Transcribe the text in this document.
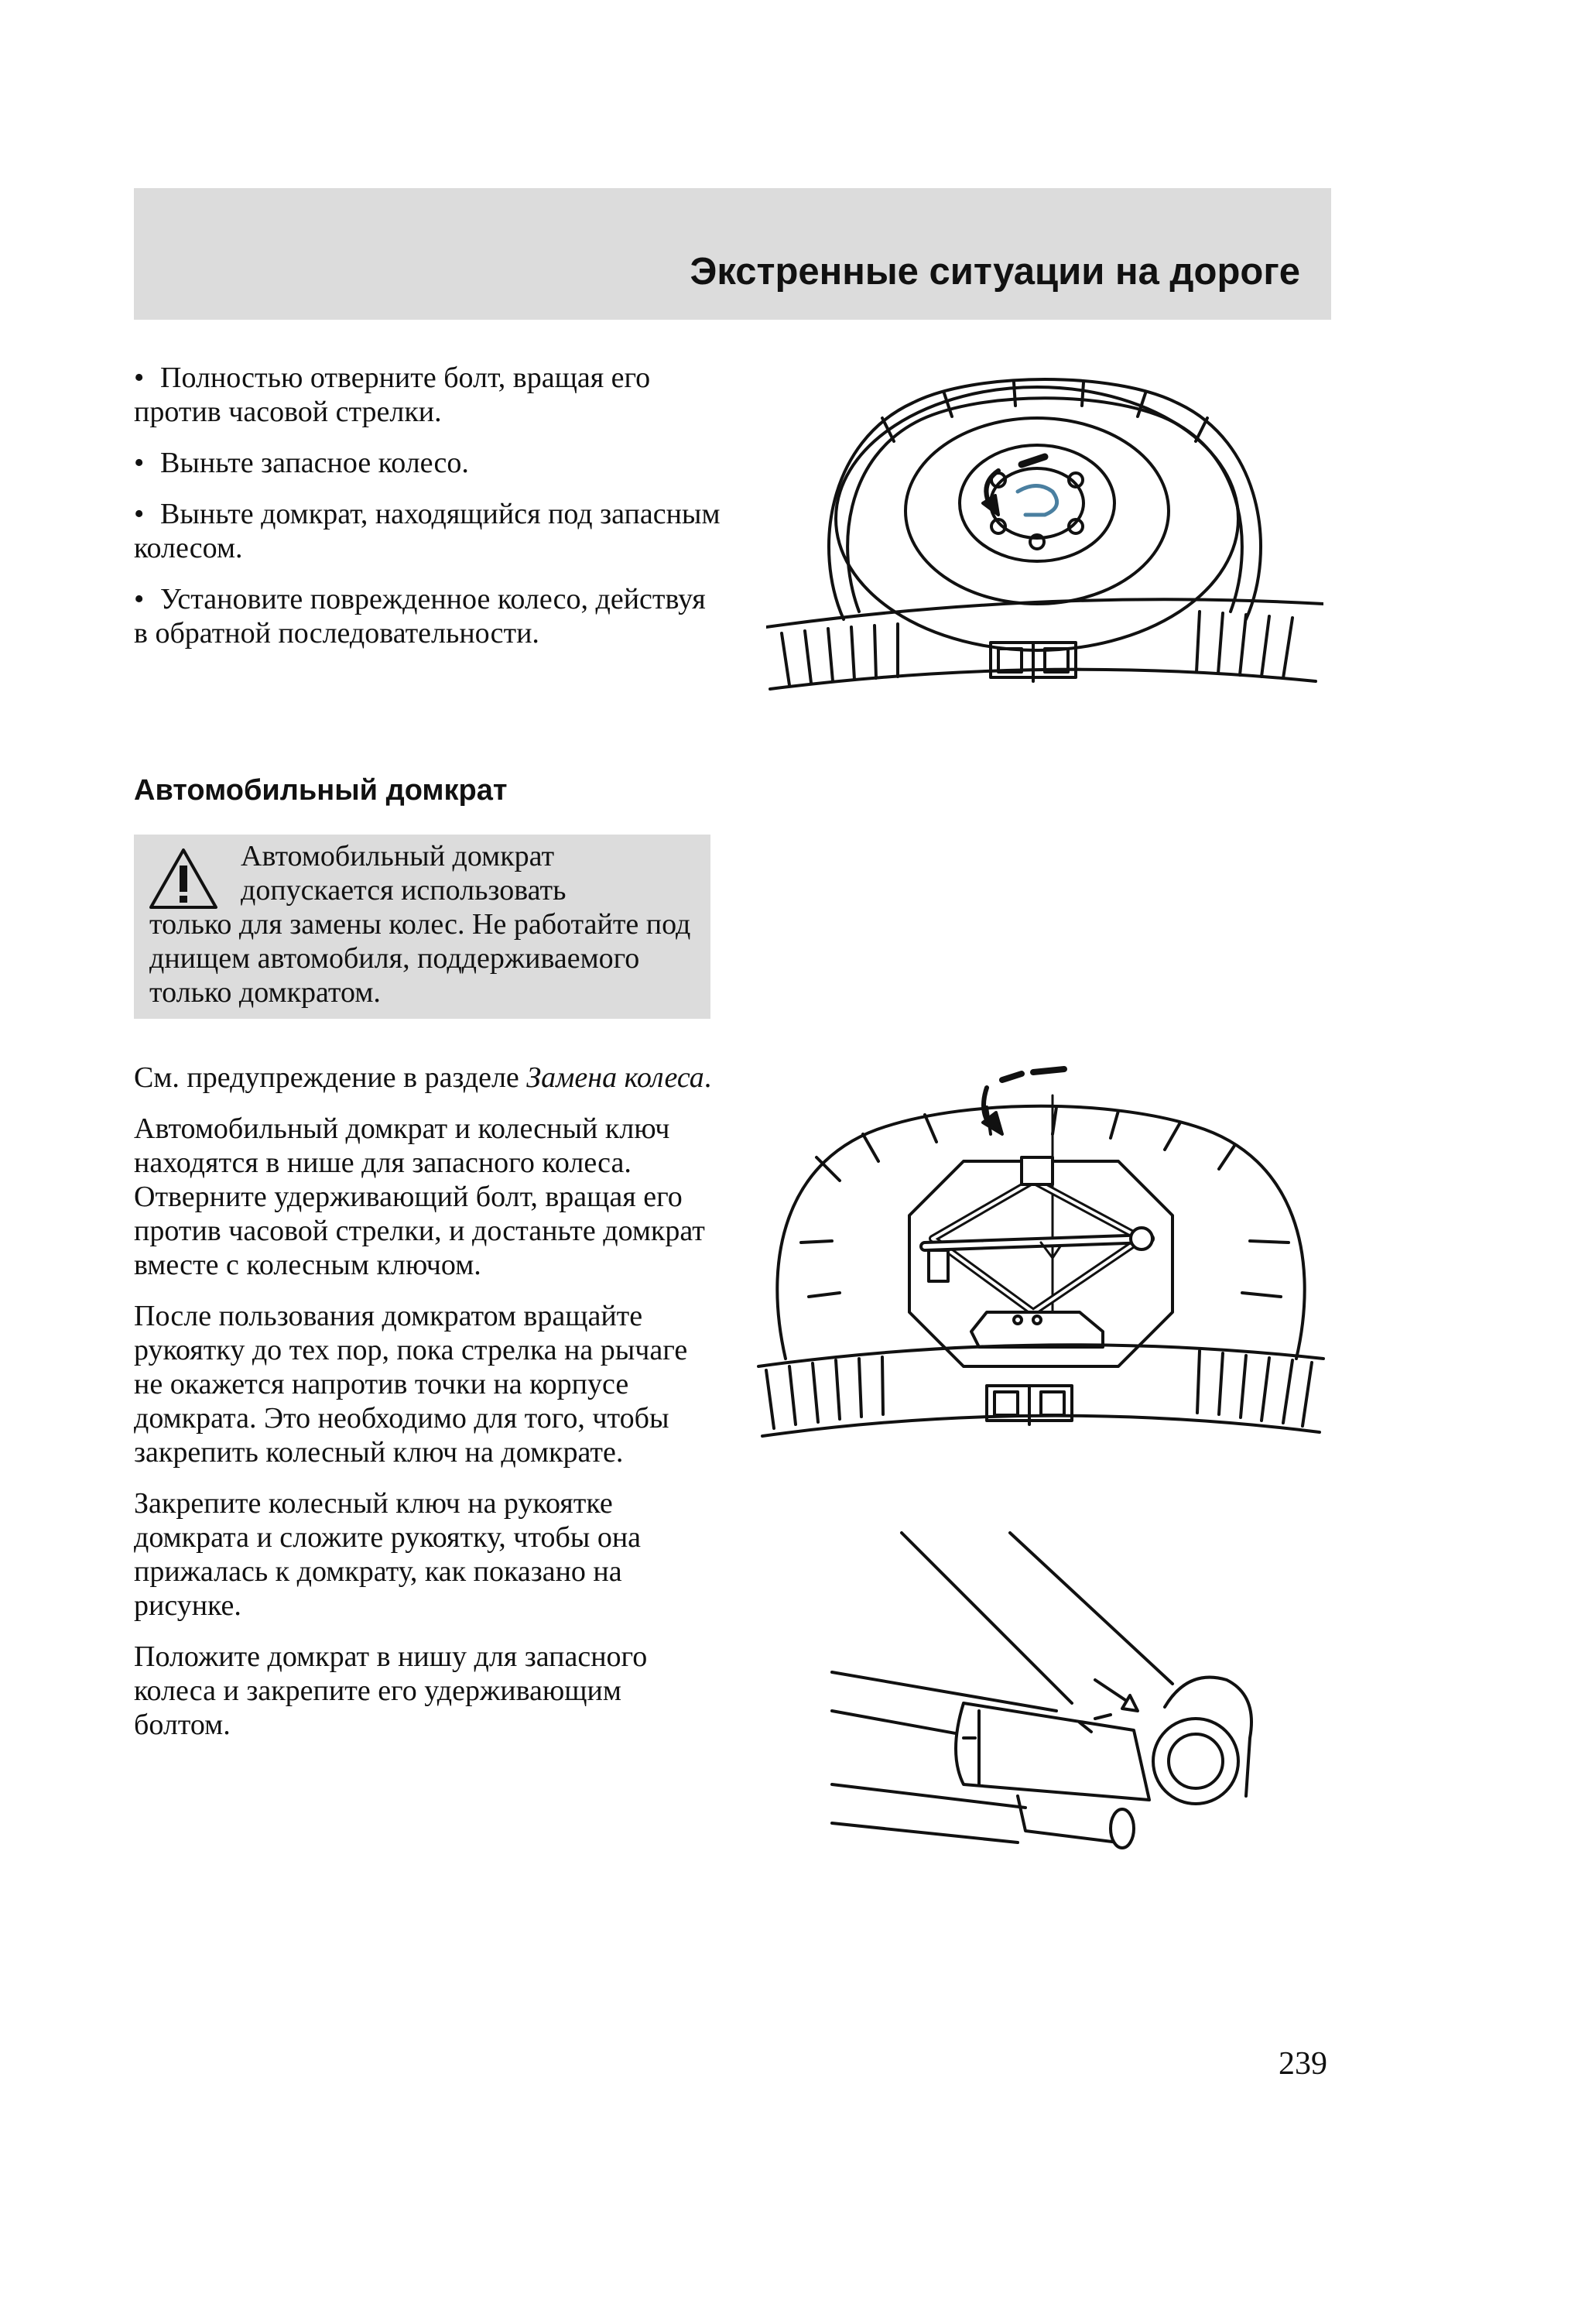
Экстренные ситуации на дороге
• Полностью отверните болт, вращая его против часовой стрелки.
• Выньте запасное колесо.
• Выньте домкрат, находящийся под запасным колесом.
• Установите поврежденное колесо, действуя в обратной последовательности.
Автомобильный домкрат
Автомобильный домкрат
допускается использовать
только для замены колес. Не работайте под днищем автомобиля, поддерживаемого только домкратом.
См. предупреждение в разделе Замена колеса.
Автомобильный домкрат и колесный ключ находятся в нише для запасного колеса. Отверните удерживающий болт, вращая его против часовой стрелки, и достаньте домкрат вместе с колесным ключом.
После пользования домкратом вращайте рукоятку до тех пор, пока стрелка на рычаге не окажется напротив точки на корпусе домкрата. Это необходимо для того, чтобы закрепить колесный ключ на домкрате.
Закрепите колесный ключ на рукоятке домкрата и сложите рукоятку, чтобы она прижалась к домкрату, как показано на рисунке.
Положите домкрат в нишу для запасного колеса и закрепите его удерживающим болтом.
239
